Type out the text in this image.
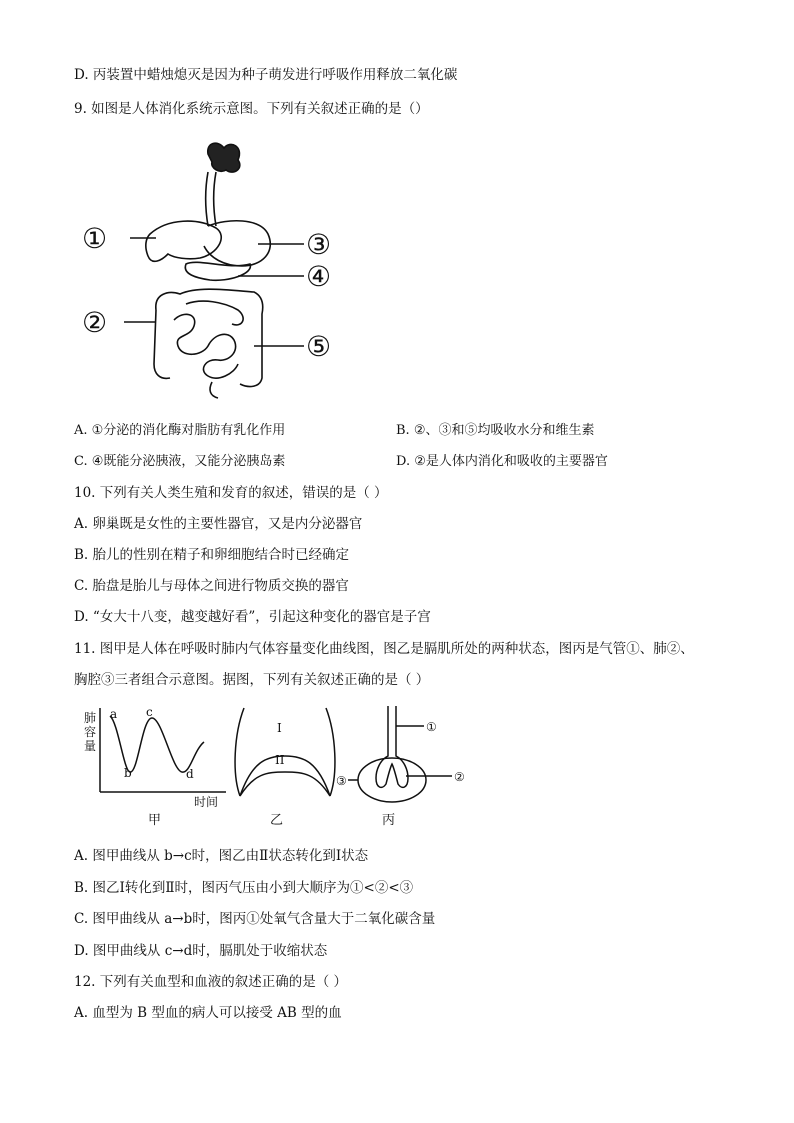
D. 丙装置中蜡烛熄灭是因为种子萌发进行呼吸作用释放二氧化碳
9. 如图是人体消化系统示意图。下列有关叙述正确的是（）
①
②
③
④
⑤
A. ①分泌的消化酶对脂肪有乳化作用	B. ②、③和⑤均吸收水分和维生素
C. ④既能分泌胰液，又能分泌胰岛素	D. ②是人体内消化和吸收的主要器官
10. 下列有关人类生殖和发育的叙述，错误的是（ ）
A. 卵巢既是女性的主要性器官，又是内分泌器官
B. 胎儿的性别在精子和卵细胞结合时已经确定
C. 胎盘是胎儿与母体之间进行物质交换的器官
D. “女大十八变，越变越好看”，引起这种变化的器官是子宫
11. 图甲是人体在呼吸时肺内气体容量变化曲线图，图乙是膈肌所处的两种状态，图丙是气管①、肺②、
胸腔③三者组合示意图。据图，下列有关叙述正确的是（ ）
肺
容
量
a
b
c
d
时间
甲
I
II
乙
①
②
③
丙
A. 图甲曲线从 b→c时，图乙由Ⅱ状态转化到Ⅰ状态
B. 图乙Ⅰ转化到Ⅱ时，图丙气压由小到大顺序为①<②<③
C. 图甲曲线从 a→b时，图丙①处氧气含量大于二氧化碳含量
D. 图甲曲线从 c→d时，膈肌处于收缩状态
12. 下列有关血型和血液的叙述正确的是（ ）
A. 血型为 B 型血的病人可以接受 AB 型的血
